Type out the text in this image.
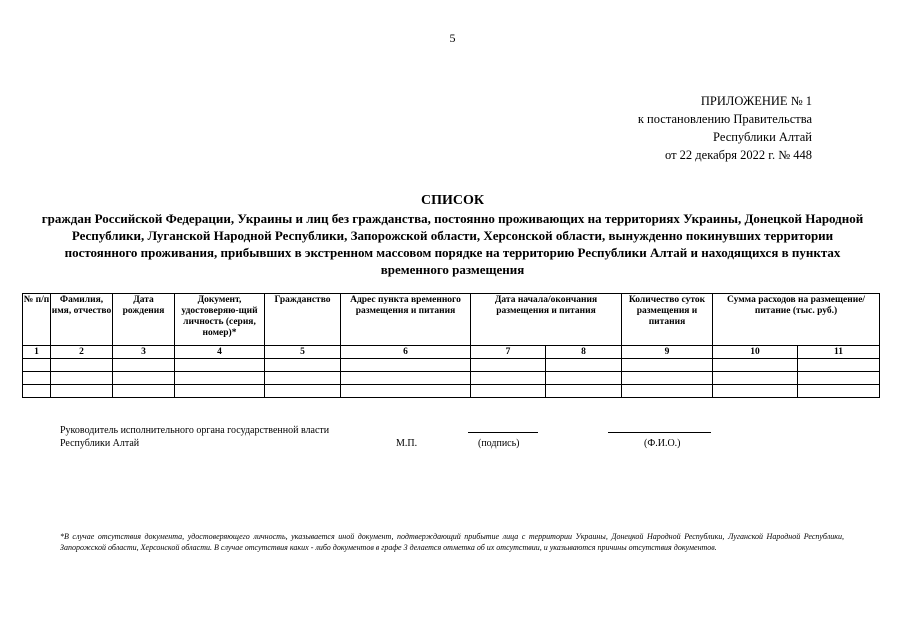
5
ПРИЛОЖЕНИЕ № 1
к постановлению Правительства
Республики Алтай
от 22 декабря 2022 г. № 448
СПИСОК
граждан Российской Федерации, Украины и лиц без гражданства, постоянно проживающих на территориях Украины, Донецкой Народной Республики, Луганской Народной Республики, Запорожской области, Херсонской области, вынужденно покинувших территории постоянного проживания, прибывших в экстренном массовом порядке на территорию Республики Алтай и находящихся в пунктах временного размещения
№ п/п	Фамилия, имя, отчество	Дата рождения	Документ, удостоверяю-щий личность (серия, номер)*	Гражданство	Адрес пункта временного размещения и питания	Дата начала/окончания размещения и питания		Количество суток размещения и питания	Сумма расходов на размещение/питание (тыс. руб.)	
1	2	3	4	5	6	7	8	9	10	11

Руководитель исполнительного органа государственной власти
Республики Алтай	М.П.	(подпись)	(Ф.И.О.)
*В случае отсутствия документа, удостоверяющего личность, указывается иной документ, подтверждающий прибытие лица с территории Украины, Донецкой Народной Республики, Луганской Народной Республики, Запорожской области, Херсонской области. В случае отсутствия каких - либо документов в графе 3 делается отметка об их отсутствии, и указываются причины отсутствия документов.
